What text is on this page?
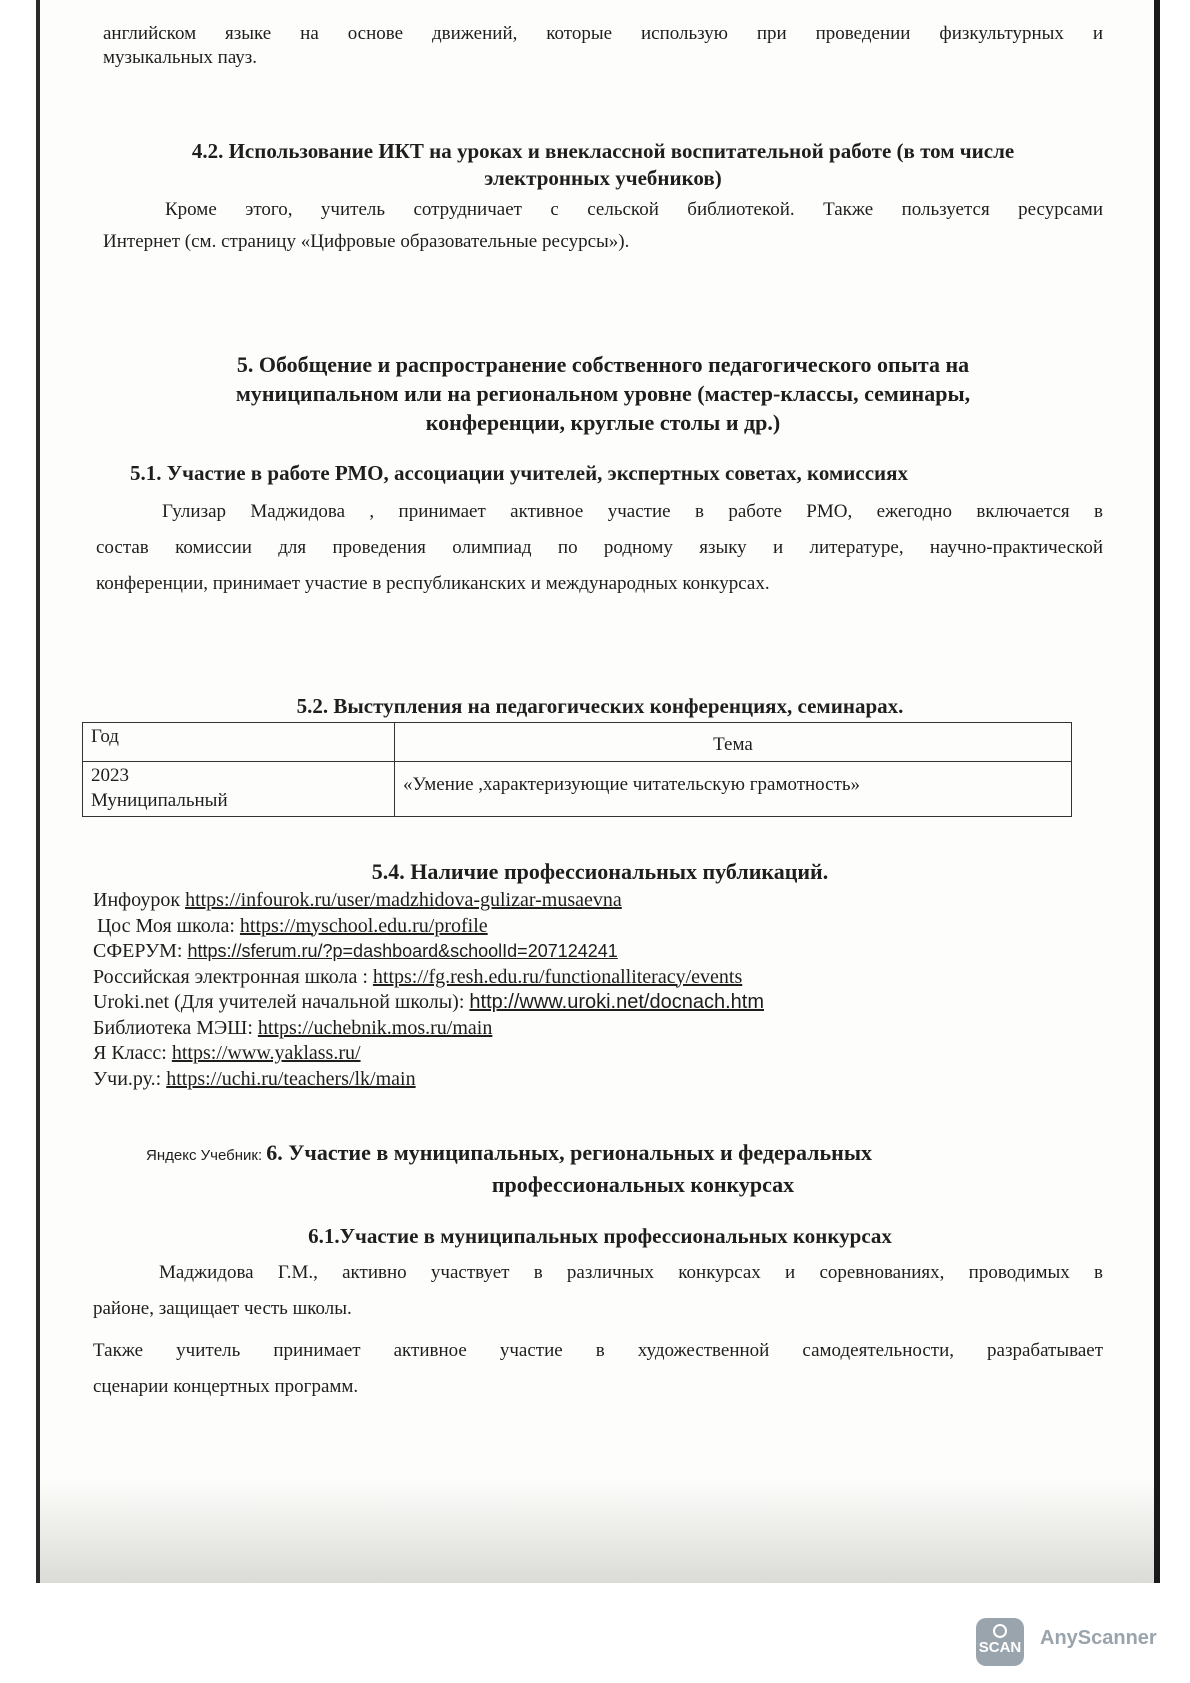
английском языке на основе движений, которые использую при проведении физкультурных и
музыкальных пауз.
4.2. Использование ИКТ на уроках и внеклассной воспитательной работе (в том числе
электронных учебников)
Кроме этого, учитель сотрудничает с сельской библиотекой. Также пользуется ресурсами
Интернет (см. страницу «Цифровые образовательные ресурсы»).
5. Обобщение и распространение собственного педагогического опыта на
муниципальном или на региональном уровне (мастер-классы, семинары,
конференции, круглые столы и др.)
5.1. Участие в работе РМО, ассоциации учителей, экспертных советах, комиссиях
Гулизар Маджидова , принимает активное участие в работе РМО, ежегодно включается в
состав комиссии для проведения олимпиад по родному языку и литературе, научно-практической
конференции, принимает участие в республиканских и международных конкурсах.
5.2. Выступления на педагогических конференциях, семинарах.
Год	Тема

2023
Муниципальный	«Умение ,характеризующие читательскую грамотность»
5.4. Наличие профессиональных публикаций.
Инфоурок https://infourok.ru/user/madzhidova-gulizar-musaevna
Цос Моя школа: https://myschool.edu.ru/profile
СФЕРУМ: https://sferum.ru/?p=dashboard&schoolId=207124241
Российская электронная школа : https://fg.resh.edu.ru/functionalliteracy/events
Uroki.net (Для учителей начальной школы): http://www.uroki.net/docnach.htm
Библиотека МЭШ: https://uchebnik.mos.ru/main
Я Класс: https://www.yaklass.ru/
Учи.ру.: https://uchi.ru/teachers/lk/main
Яндекс Учебник: 6. Участие в муниципальных, региональных и федеральных
профессиональных конкурсах
6.1.Участие в муниципальных профессиональных конкурсах
Маджидова Г.М., активно участвует в различных конкурсах и соревнованиях, проводимых в
районе, защищает честь школы.
Также учитель принимает активное участие в художественной самодеятельности, разрабатывает
сценарии концертных программ.
SCAN AnyScanner
